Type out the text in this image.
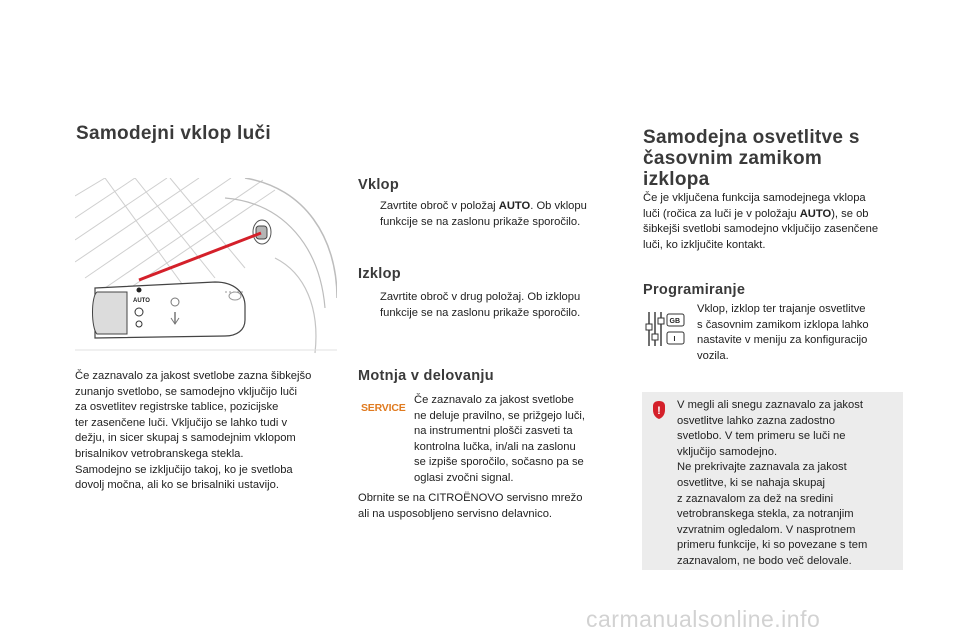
Samodejni vklop luči
AUTO
Če zaznavalo za jakost svetlobe zazna šibkejšo
zunanjo svetlobo, se samodejno vključijo luči
za osvetlitev registrske tablice, pozicijske
ter zasenčene luči. Vključijo se lahko tudi v
dežju, in sicer skupaj s samodejnim vklopom
brisalnikov vetrobranskega stekla.
Samodejno se izključijo takoj, ko je svetloba
dovolj močna, ali ko se brisalniki ustavijo.
Vklop
Zavrtite obroč v položaj AUTO. Ob vklopu
funkcije se na zaslonu prikaže sporočilo.
Izklop
Zavrtite obroč v drug položaj. Ob izklopu
funkcije se na zaslonu prikaže sporočilo.
Motnja v delovanju
SERVICE
Če zaznavalo za jakost svetlobe
ne deluje pravilno, se prižgejo luči,
na instrumentni plošči zasveti ta
kontrolna lučka, in/ali na zaslonu
se izpiše sporočilo, sočasno pa se
oglasi zvočni signal.
Obrnite se na CITROËNOVO servisno mrežo
ali na usposobljeno servisno delavnico.
Samodejna osvetlitve s
časovnim zamikom
izklopa
Če je vključena funkcija samodejnega vklopa
luči (ročica za luči je v položaju AUTO), se ob
šibkejši svetlobi samodejno vključijo zasenčene
luči, ko izključite kontakt.
Programiranje
GB
I
Vklop, izklop ter trajanje osvetlitve
s časovnim zamikom izklopa lahko
nastavite v meniju za konfiguracijo
vozila.
! V megli ali snegu zaznavalo za jakost
osvetlitve lahko zazna zadostno
svetlobo. V tem primeru se luči ne
vključijo samodejno.
Ne prekrivajte zaznavala za jakost
osvetlitve, ki se nahaja skupaj
z zaznavalom za dež na sredini
vetrobranskega stekla, za notranjim
vzvratnim ogledalom. V nasprotnem
primeru funkcije, ki so povezane s tem
zaznavalom, ne bodo več delovale.
carmanualsonline.info
